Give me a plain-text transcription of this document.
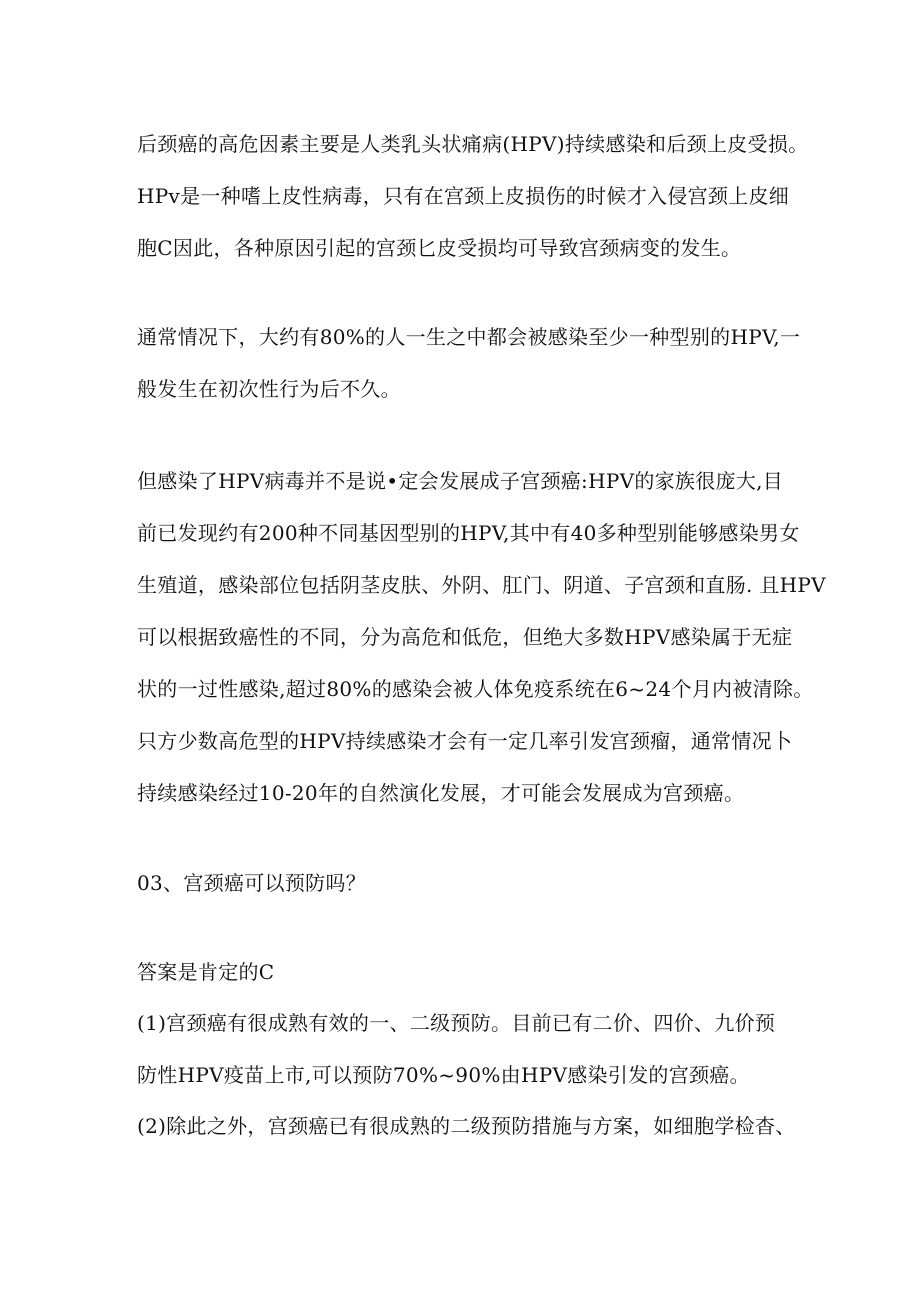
后颈癌的高危因素主要是人类乳头状痛病(HPV)持续感染和后颈上皮受损。
HPv是一种嗜上皮性病毒，只有在宫颈上皮损伤的时候才入侵宫颈上皮细
胞C因此，各种原因引起的宫颈匕皮受损均可导致宫颈病变的发生。
通常情况下，大约有80%的人一生之中都会被感染至少一种型别的HPV,一
般发生在初次性行为后不久。
但感染了HPV病毒并不是说•定会发展成子宫颈癌:HPV的家族很庞大,目
前已发现约有200种不同基因型别的HPV,其中有40多种型别能够感染男女
生殖道，感染部位包括阴茎皮肤、外阴、肛门、阴道、子宫颈和直肠. 且HPV
可以根据致癌性的不同，分为高危和低危，但绝大多数HPV感染属于无症
状的一过性感染,超过80%的感染会被人体免疫系统在6~24个月内被清除。
只方少数高危型的HPV持续感染才会有一定几率引发宫颈瘤，通常情况卜
持续感染经过10-20年的自然演化发展，才可能会发展成为宫颈癌。
03、宫颈癌可以预防吗？
答案是肯定的C
(1)宫颈癌有很成熟有效的一、二级预防。目前已有二价、四价、九价预
防性HPV疫苗上市,可以预防70%~90%由HPV感染引发的宫颈癌。
(2)除此之外，宫颈癌已有很成熟的二级预防措施与方案，如细胞学检杳、
